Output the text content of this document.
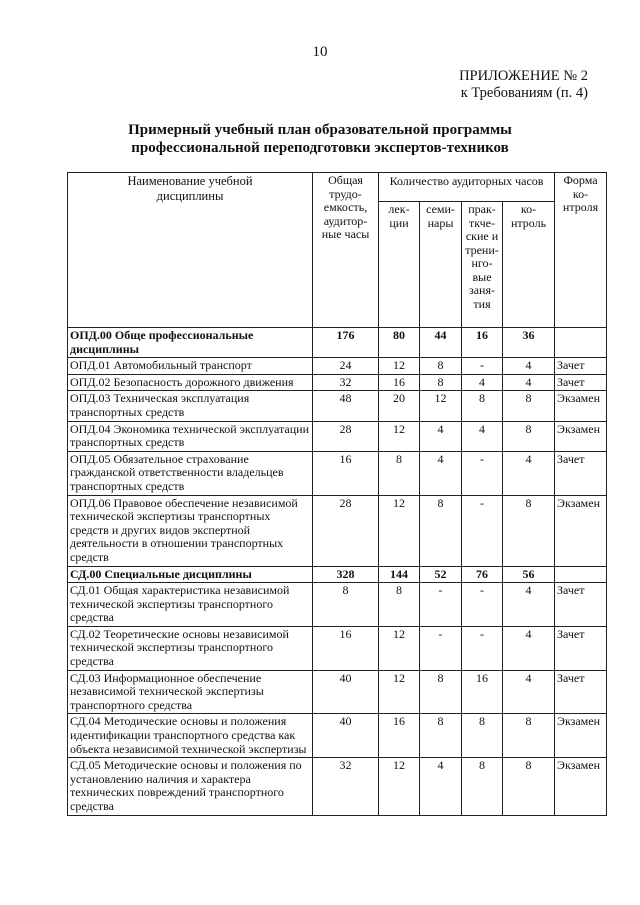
10
ПРИЛОЖЕНИЕ № 2
к Требованиям (п. 4)
Примерный учебный план образовательной программы
профессиональной переподготовки экспертов-техников
Наименование учебной дисциплины	Общая трудо-емкость, аудитор-ные часы	Количество аудиторных часов				Форма ко-нтроля
		лек-ции	семи-нары	прак-ткче-ские и трени-нго-вые заня-тия	ко-нтроль	
ОПД.00 Обще профессиональные дисциплины	176	80	44	16	36	
ОПД.01 Автомобильный транспорт	24	12	8	-	4	Зачет
ОПД.02 Безопасность дорожного движения	32	16	8	4	4	Зачет
ОПД.03 Техническая эксплуатация транспортных средств	48	20	12	8	8	Экзамен
ОПД.04 Экономика технической эксплуатации транспортных средств	28	12	4	4	8	Экзамен
ОПД.05 Обязательное страхование гражданской ответственности владельцев транспортных средств	16	8	4	-	4	Зачет
ОПД.06 Правовое обеспечение независимой технической экспертизы транспортных средств и других видов экспертной деятельности в отношении транспортных средств	28	12	8	-	8	Экзамен
СД.00 Специальные дисциплины	328	144	52	76	56	
СД.01 Общая характеристика независимой технической экспертизы транспортного средства	8	8	-	-	4	Зачет
СД.02 Теоретические основы независимой технической экспертизы транспортного средства	16	12	-	-	4	Зачет
СД.03 Информационное обеспечение независимой технической экспертизы транспортного средства	40	12	8	16	4	Зачет
СД.04 Методические основы и положения идентификации транспортного средства как объекта независимой технической экспертизы	40	16	8	8	8	Экзамен
СД.05 Методические основы и положения по установлению наличия и характера технических повреждений транспортного средства	32	12	4	8	8	Экзамен
